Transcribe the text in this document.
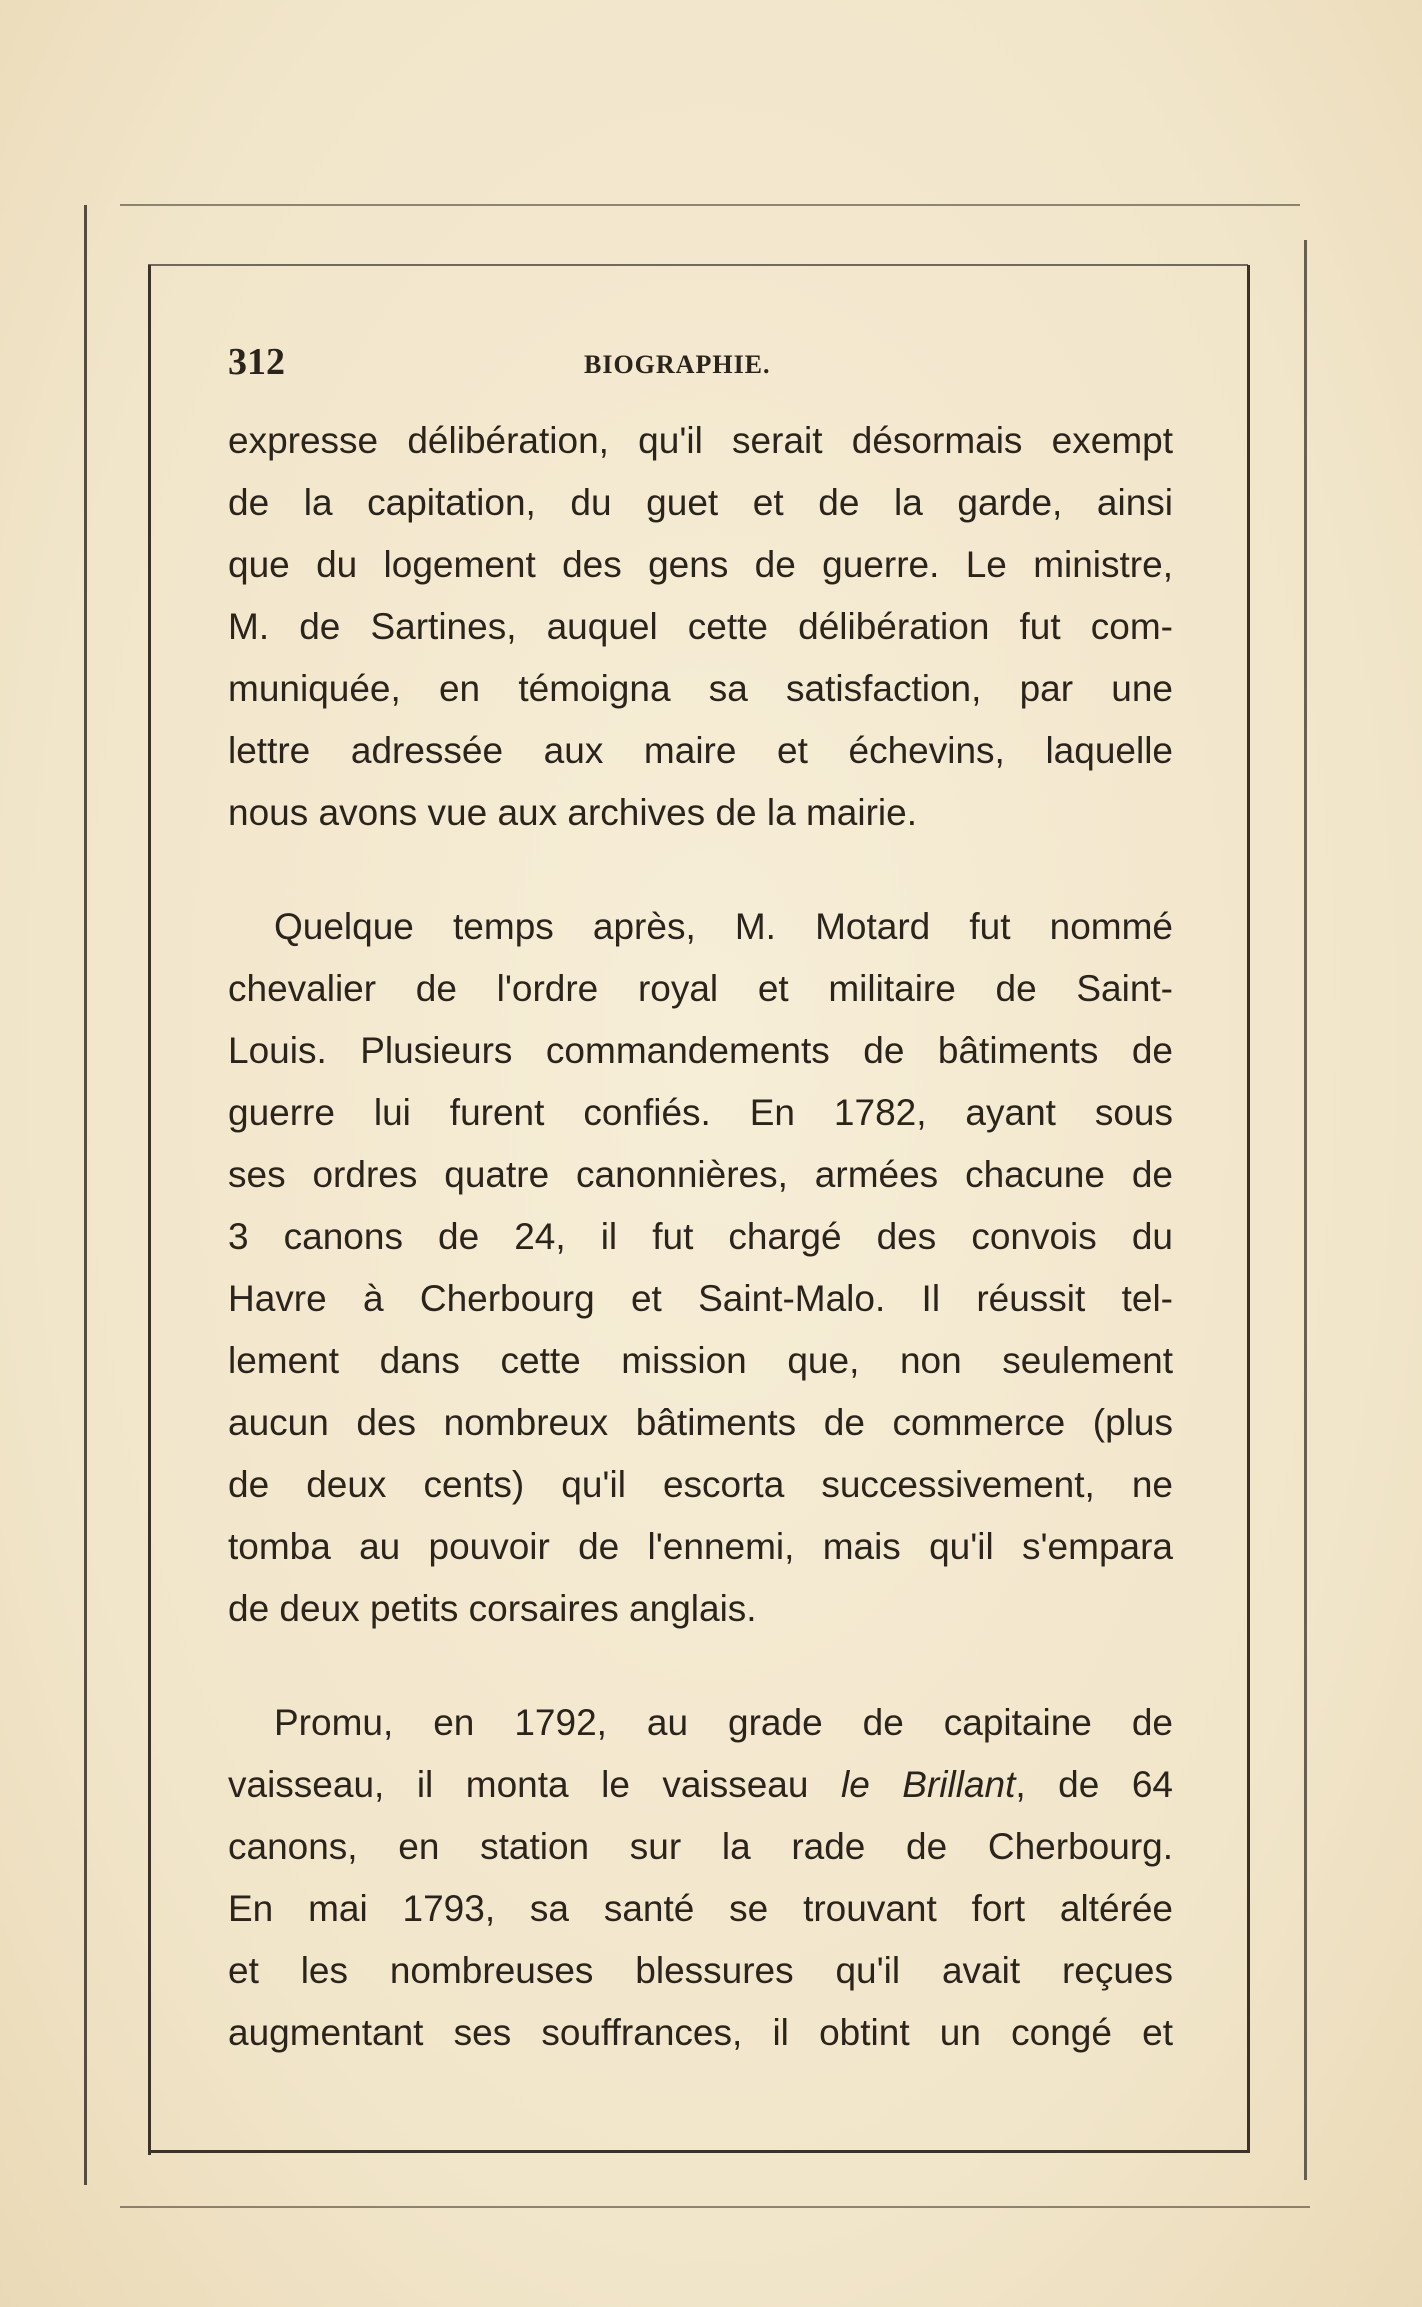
312	BIOGRAPHIE.

expresse délibération, qu'il serait désormais exempt
de la capitation, du guet et de la garde, ainsi
que du logement des gens de guerre. Le ministre,
M. de Sartines, auquel cette délibération fut com-
muniquée, en témoigna sa satisfaction, par une
lettre adressée aux maire et échevins, laquelle
nous avons vue aux archives de la mairie.

Quelque temps après, M. Motard fut nommé
chevalier de l'ordre royal et militaire de Saint-
Louis. Plusieurs commandements de bâtiments de
guerre lui furent confiés. En 1782, ayant sous
ses ordres quatre canonnières, armées chacune de
3 canons de 24, il fut chargé des convois du
Havre à Cherbourg et Saint-Malo. Il réussit tel-
lement dans cette mission que, non seulement
aucun des nombreux bâtiments de commerce (plus
de deux cents) qu'il escorta successivement, ne
tomba au pouvoir de l'ennemi, mais qu'il s'empara
de deux petits corsaires anglais.

Promu, en 1792, au grade de capitaine de
vaisseau, il monta le vaisseau le Brillant, de 64
canons, en station sur la rade de Cherbourg.
En mai 1793, sa santé se trouvant fort altérée
et les nombreuses blessures qu'il avait reçues
augmentant ses souffrances, il obtint un congé et
